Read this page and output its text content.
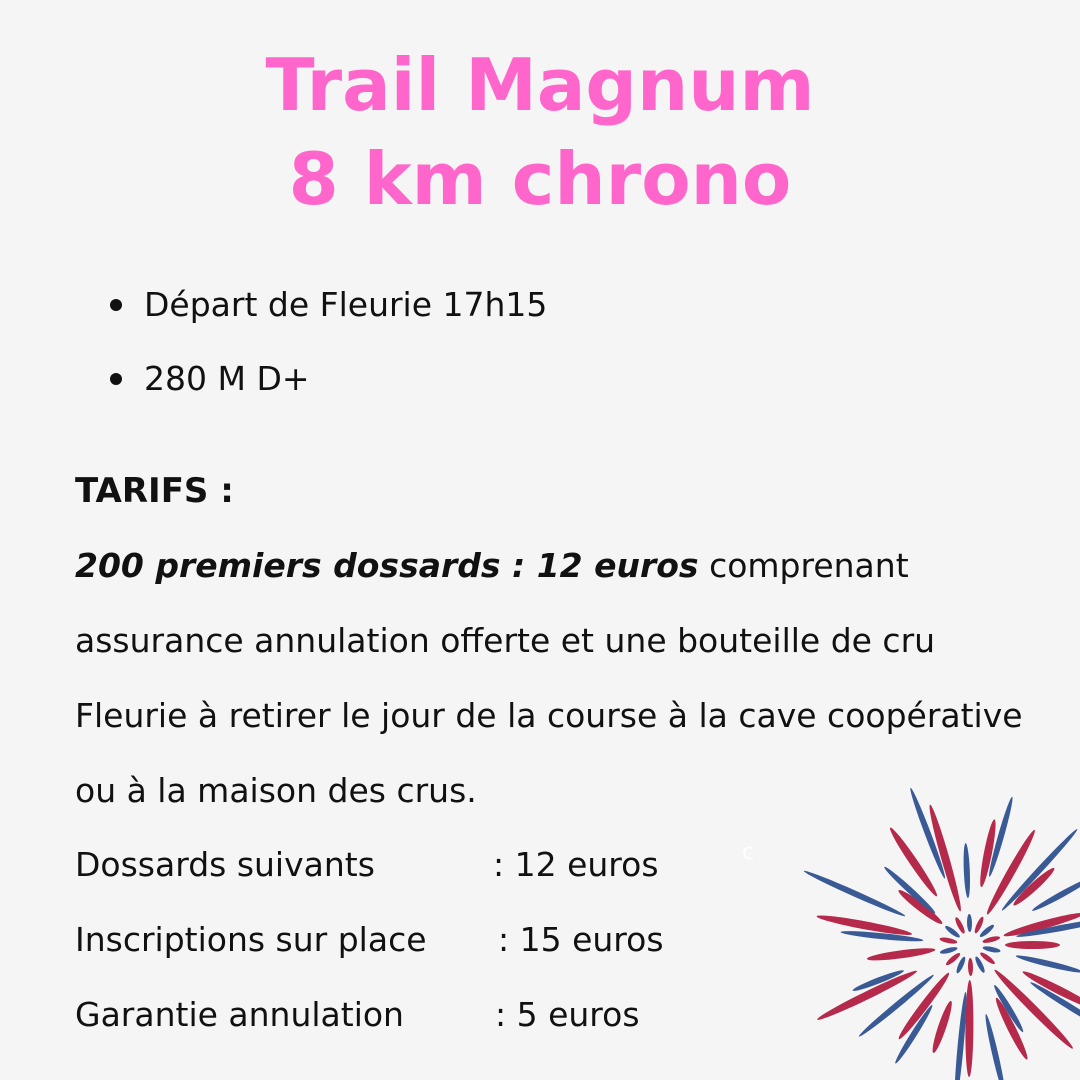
Trail Magnum
8 km chrono
Départ de Fleurie 17h15
280 M D+
TARIFS :

200 premiers dossards : 12 euros comprenant assurance annulation offerte et une bouteille de cru Fleurie à retirer le jour de la course à la cave coopérative ou à la maison des crus.

Dossards suivants	: 12 euros
Inscriptions sur place : 15 euros
Garantie annulation	: 5 euros
c
